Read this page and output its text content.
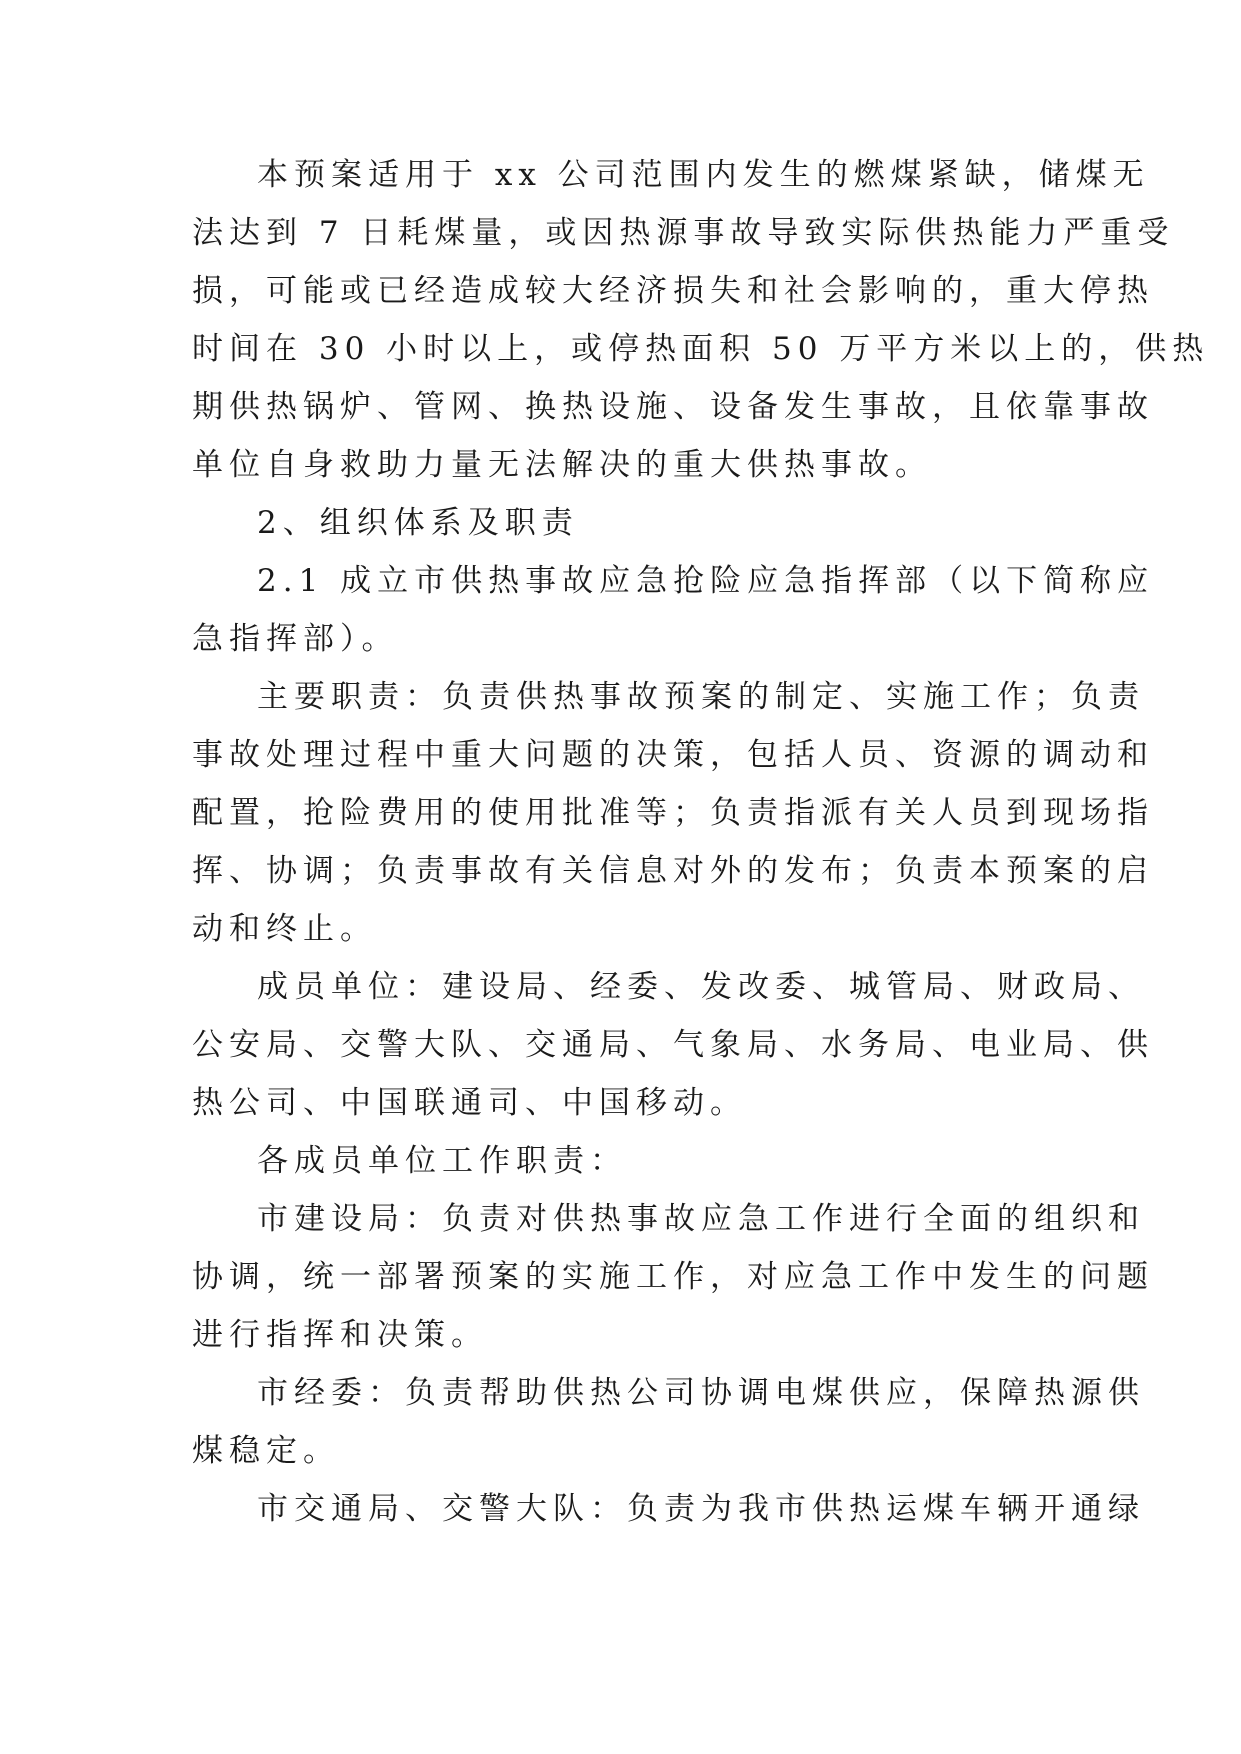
本预案适用于 xx 公司范围内发生的燃煤紧缺，储煤无
法达到 7 日耗煤量，或因热源事故导致实际供热能力严重受
损，可能或已经造成较大经济损失和社会影响的，重大停热
时间在 30 小时以上，或停热面积 50 万平方米以上的，供热
期供热锅炉、管网、换热设施、设备发生事故，且依靠事故
单位自身救助力量无法解决的重大供热事故。
2、组织体系及职责
2.1 成立市供热事故应急抢险应急指挥部（以下简称应
急指挥部）。
主要职责：负责供热事故预案的制定、实施工作；负责
事故处理过程中重大问题的决策，包括人员、资源的调动和
配置，抢险费用的使用批准等；负责指派有关人员到现场指
挥、协调；负责事故有关信息对外的发布；负责本预案的启
动和终止。
成员单位：建设局、经委、发改委、城管局、财政局、
公安局、交警大队、交通局、气象局、水务局、电业局、供
热公司、中国联通司、中国移动。
各成员单位工作职责：
市建设局：负责对供热事故应急工作进行全面的组织和
协调，统一部署预案的实施工作，对应急工作中发生的问题
进行指挥和决策。
市经委：负责帮助供热公司协调电煤供应，保障热源供
煤稳定。
市交通局、交警大队：负责为我市供热运煤车辆开通绿
